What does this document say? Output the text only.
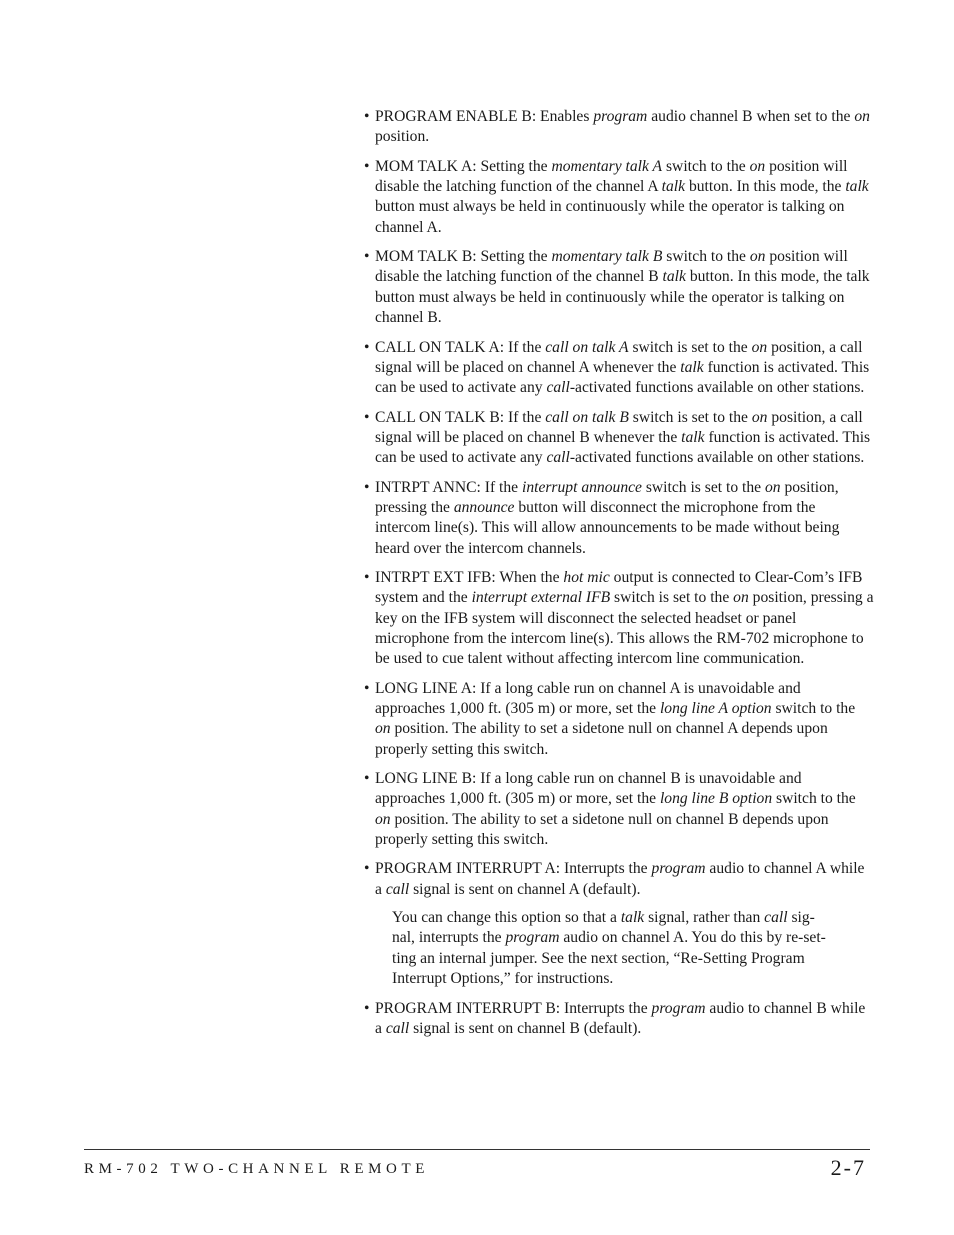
• PROGRAM ENABLE B: Enables program audio channel B when set to the on position.
• MOM TALK A: Setting the momentary talk A switch to the on position will disable the latching function of the channel A talk button. In this mode, the talk button must always be held in continuously while the operator is talking on channel A.
• MOM TALK B: Setting the momentary talk B switch to the on position will disable the latching function of the channel B talk button. In this mode, the talk button must always be held in continuously while the operator is talking on channel B.
• CALL ON TALK A: If the call on talk A switch is set to the on position, a call signal will be placed on channel A whenever the talk function is activated. This can be used to activate any call-activated functions available on other stations.
• CALL ON TALK B: If the call on talk B switch is set to the on position, a call signal will be placed on channel B whenever the talk function is activated. This can be used to activate any call-activated functions available on other stations.
• INTRPT ANNC: If the interrupt announce switch is set to the on position, pressing the announce button will disconnect the microphone from the intercom line(s). This will allow announcements to be made without being heard over the intercom channels.
• INTRPT EXT IFB: When the hot mic output is connected to Clear-Com’s IFB system and the interrupt external IFB switch is set to the on position, pressing a key on the IFB system will disconnect the selected headset or panel microphone from the intercom line(s). This allows the RM-702 microphone to be used to cue talent without affecting intercom line communication.
• LONG LINE A: If a long cable run on channel A is unavoidable and approaches 1,000 ft. (305 m) or more, set the long line A option switch to the on position. The ability to set a sidetone null on channel A depends upon properly setting this switch.
• LONG LINE B: If a long cable run on channel B is unavoidable and approaches 1,000 ft. (305 m) or more, set the long line B option switch to the on position. The ability to set a sidetone null on channel B depends upon properly setting this switch.
• PROGRAM INTERRUPT A: Interrupts the program audio to channel A while a call signal is sent on channel A (default).
You can change this option so that a talk signal, rather than call sig-
nal, interrupts the program audio on channel A. You do this by re-set-
ting an internal jumper. See the next section, “Re-Setting Program
Interrupt Options,” for instructions.
• PROGRAM INTERRUPT B: Interrupts the program audio to channel B while a call signal is sent on channel B (default).
RM-702 TWO-CHANNEL REMOTE	2-7
